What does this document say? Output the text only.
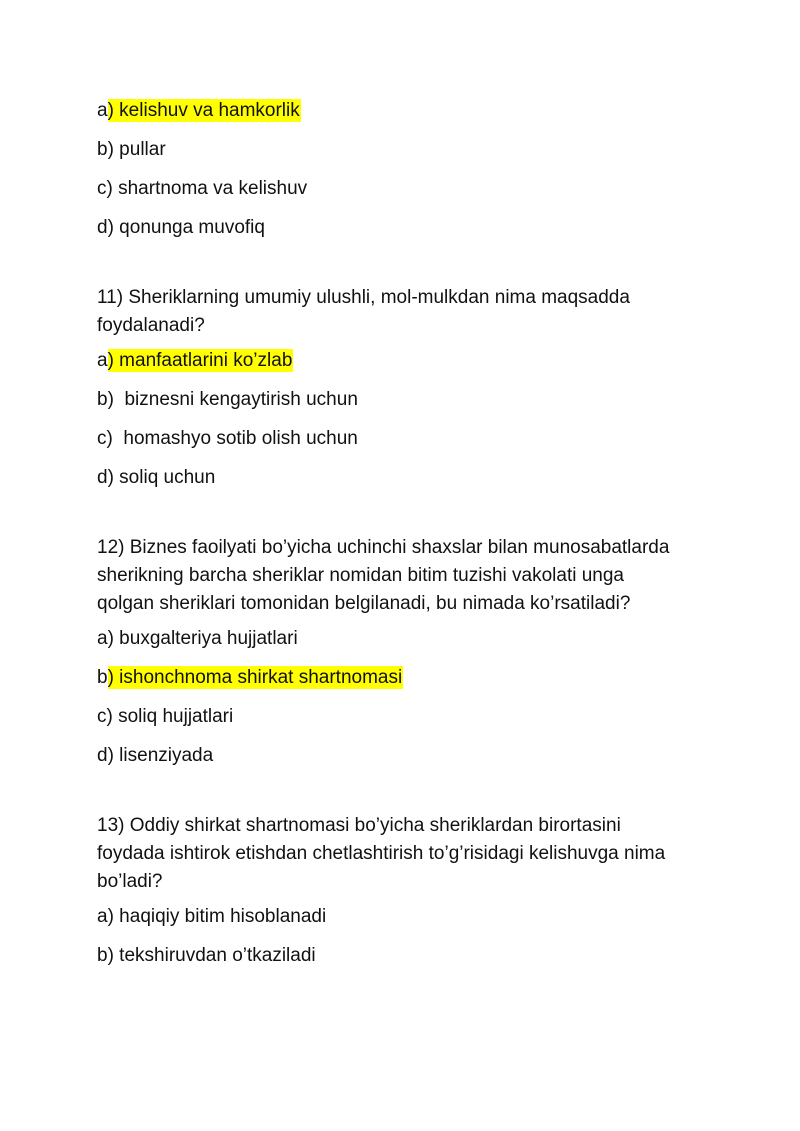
a) kelishuv va hamkorlik

b) pullar

c) shartnoma va kelishuv

d) qonunga muvofiq

11) Sheriklarning umumiy ulushli, mol-mulkdan nima maqsadda
foydalanadi?

a) manfaatlarini ko’zlab

b)  biznesni kengaytirish uchun

c)  homashyo sotib olish uchun

d) soliq uchun

12) Biznes faoilyati bo’yicha uchinchi shaxslar bilan munosabatlarda
sherikning barcha sheriklar nomidan bitim tuzishi vakolati unga
qolgan sheriklari tomonidan belgilanadi, bu nimada ko’rsatiladi?

a) buxgalteriya hujjatlari

b) ishonchnoma shirkat shartnomasi

c) soliq hujjatlari

d) lisenziyada

13) Oddiy shirkat shartnomasi bo’yicha sheriklardan birortasini
foydada ishtirok etishdan chetlashtirish to’g’risidagi kelishuvga nima
bo’ladi?

a) haqiqiy bitim hisoblanadi

b) tekshiruvdan o’tkaziladi
